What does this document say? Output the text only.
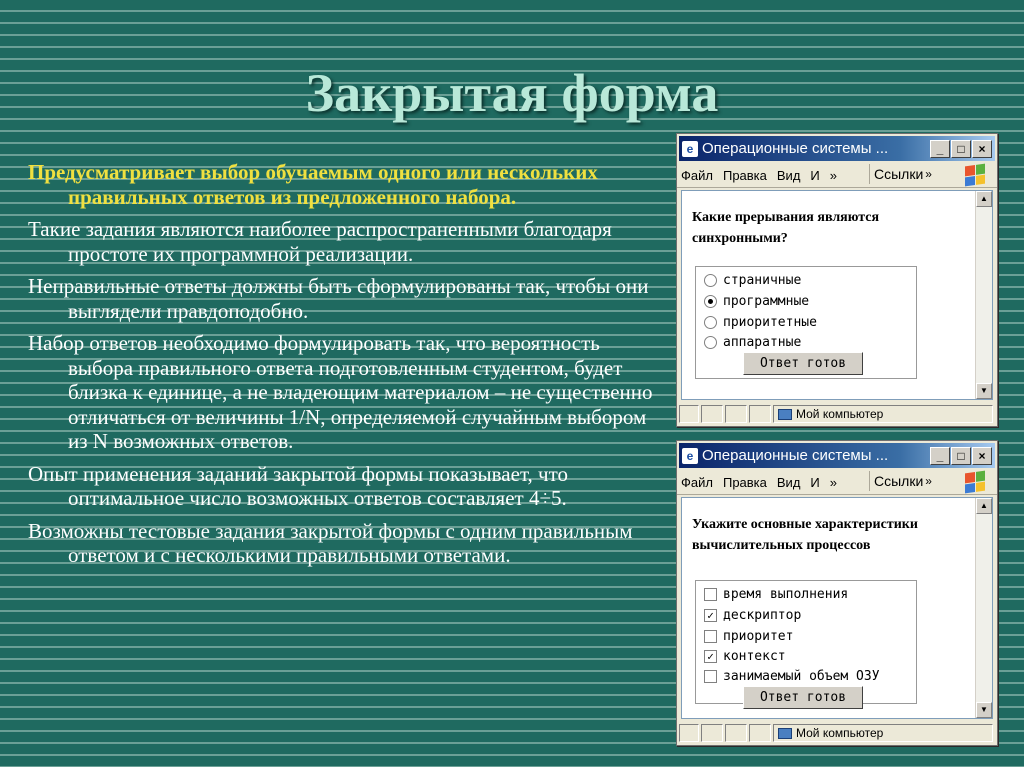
Закрытая форма
Предусматривает выбор обучаемым одного или нескольких правильных ответов из предложенного набора.
Такие задания являются наиболее распространенными благодаря простоте их программной реализации.
Неправильные ответы должны быть сформулированы так, чтобы они выглядели правдоподобно.
Набор ответов необходимо формулировать так, что вероятность выбора правильного ответа подготовленным студентом, будет близка к единице, а не владеющим материалом – не существенно отличаться от величины 1/N, определяемой случайным выбором из N возможных ответов.
Опыт применения заданий закрытой формы показывает, что оптимальное число возможных ответов составляет 4÷5.
Возможны тестовые задания закрытой формы с одним правильным ответом и с несколькими правильными ответами.
e Операционные системы ...	_	□	×
Файл Правка Вид И »	Ссылки »
Какие прерывания являются синхронными?
страничные
программные
приоритетные
аппаратные
Ответ готов
▲
▼
Мой компьютер
e Операционные системы ...	_	□	×
Файл Правка Вид И »	Ссылки »
Укажите основные характеристики вычислительных процессов
время выполнения
✓ дескриптор
приоритет
✓ контекст
занимаемый объем ОЗУ
Ответ готов
▲
▼
Мой компьютер
